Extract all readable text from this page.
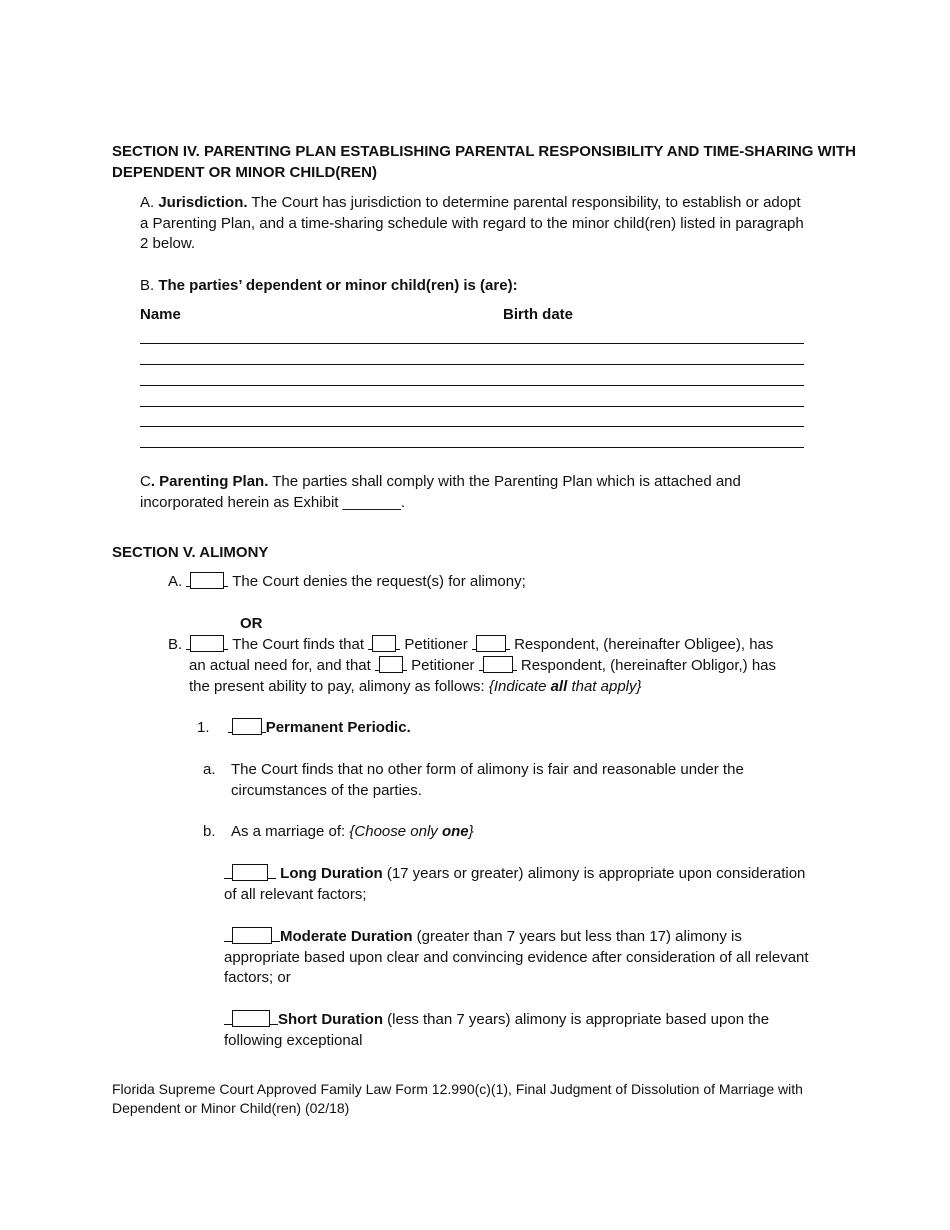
SECTION IV. PARENTING PLAN ESTABLISHING PARENTAL RESPONSIBILITY AND TIME-SHARING WITH
DEPENDENT OR MINOR CHILD(REN)
A. Jurisdiction. The Court has jurisdiction to determine parental responsibility, to establish or adopt
a Parenting Plan, and a time-sharing schedule with regard to the minor child(ren) listed in paragraph
2 below.
B. The parties’ dependent or minor child(ren) is (are):
Name	Birth date
C. Parenting Plan. The parties shall comply with the Parenting Plan which is attached and
incorporated herein as Exhibit _______.
SECTION V. ALIMONY
A.	The Court denies the request(s) for alimony;
OR
B.	The Court finds that	Petitioner	Respondent, (hereinafter Obligee), has
an actual need for, and that	Petitioner	Respondent, (hereinafter Obligor,) has
the present ability to pay, alimony as follows: {Indicate all that apply}
1.	Permanent Periodic.
a. The Court finds that no other form of alimony is fair and reasonable under the
circumstances of the parties.
b. As a marriage of: {Choose only one}
Long Duration (17 years or greater) alimony is appropriate upon consideration
of all relevant factors;
Moderate Duration (greater than 7 years but less than 17) alimony is
appropriate based upon clear and convincing evidence after consideration of all relevant
factors; or
Short Duration (less than 7 years) alimony is appropriate based upon the
following exceptional
Florida Supreme Court Approved Family Law Form 12.990(c)(1), Final Judgment of Dissolution of Marriage with
Dependent or Minor Child(ren) (02/18)
